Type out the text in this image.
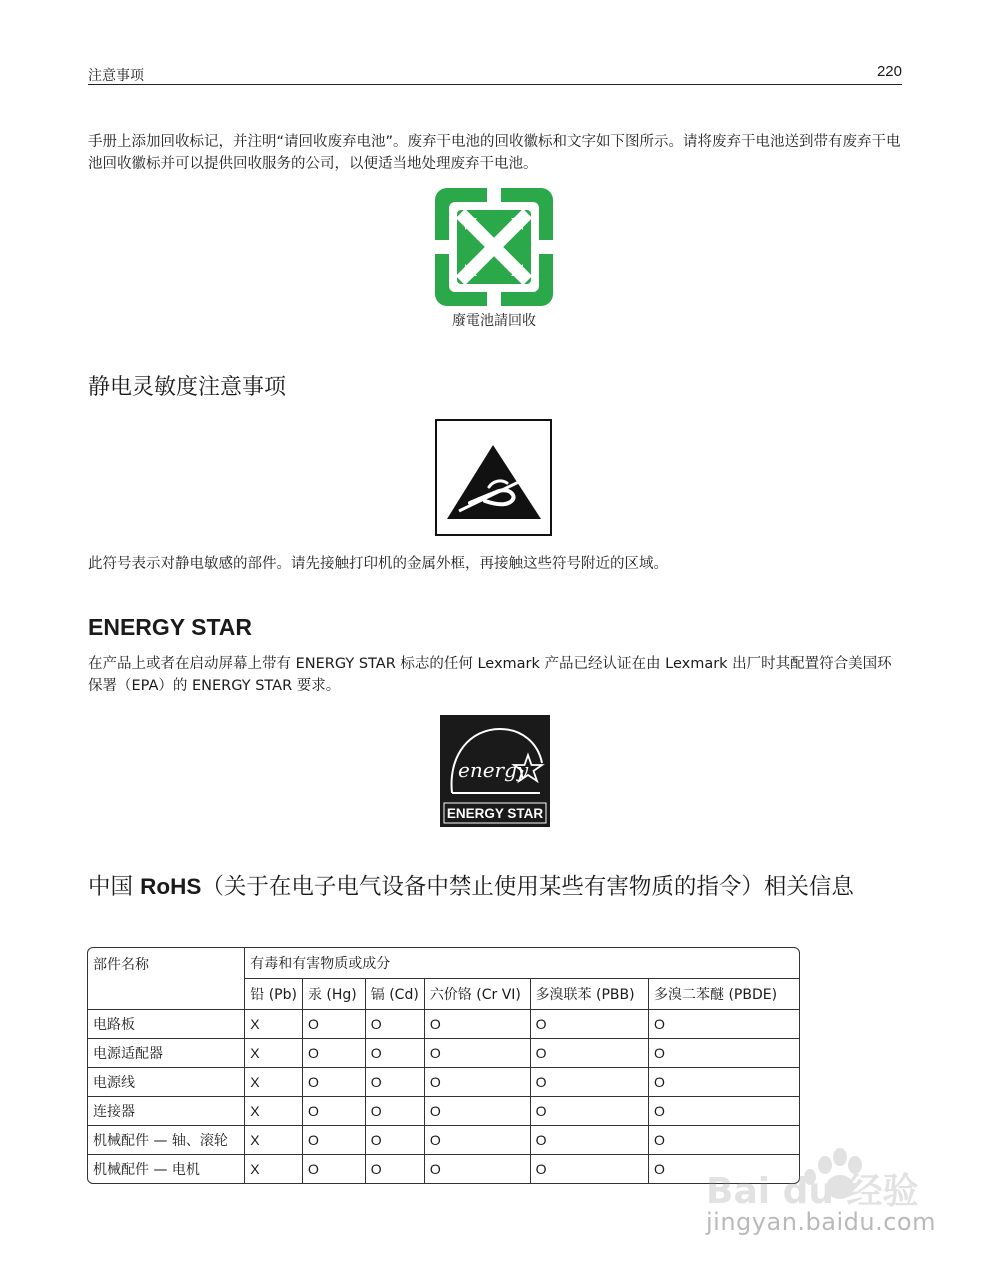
注意事项	220

手册上添加回收标记，并注明“请回收废弃电池”。废弃干电池的回收徽标和文字如下图所示。请将废弃干电池送到带有废弃干电池回收徽标并可以提供回收服务的公司，以便适当地处理废弃干电池。

廢電池請回收
静电灵敏度注意事项

此符号表示对静电敏感的部件。请先接触打印机的金属外框，再接触这些符号附近的区域。

ENERGY STAR

在产品上或者在启动屏幕上带有 ENERGY STAR 标志的任何 Lexmark 产品已经认证在由 Lexmark 出厂时其配置符合美国环保署（EPA）的 ENERGY STAR 要求。

energy
ENERGY STAR
中国 RoHS（关于在电子电气设备中禁止使用某些有害物质的指令）相关信息
部件名称	有毒和有害物质或成分					
	铅 (Pb)	汞 (Hg)	镉 (Cd)	六价铬 (Cr VI)	多溴联苯 (PBB)	多溴二苯醚 (PBDE)
电路板	X	O	O	O	O	O
电源适配器	X	O	O	O	O	O
电源线	X	O	O	O	O	O
连接器	X	O	O	O	O	O
机械配件 — 轴、滚轮	X	O	O	O	O	O
机械配件 — 电机	X	O	O	O	O	O
Bai du 经验
jingyan.baidu.com
